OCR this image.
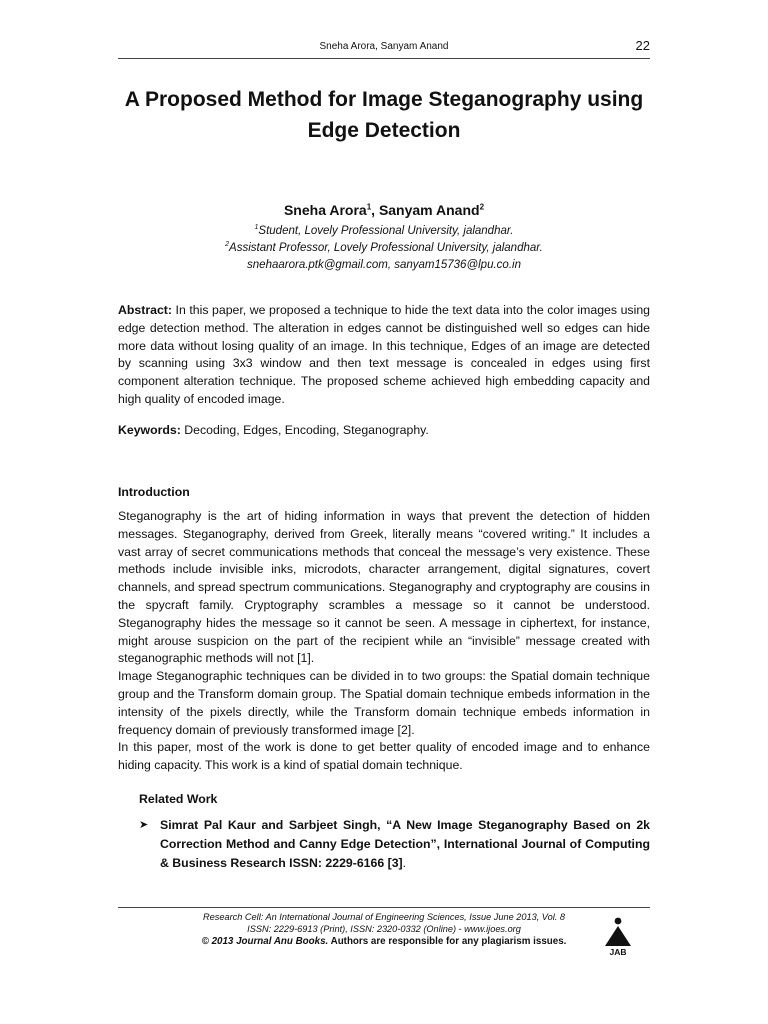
Sneha Arora, Sanyam Anand	22
A Proposed Method for Image Steganography using
Edge Detection
Sneha Arora$^1$, Sanyam Anand$^2$
$^1$Student, Lovely Professional University, jalandhar.
$^2$Assistant Professor, Lovely Professional University, jalandhar.
snehaarora.ptk@gmail.com, sanyam15736@lpu.co.in

Abstract: In this paper, we proposed a technique to hide the text data into the color images using edge detection method. The alteration in edges cannot be distinguished well so edges can hide more data without losing quality of an image. In this technique, Edges of an image are detected by scanning using 3x3 window and then text message is concealed in edges using first component alteration technique. The proposed scheme achieved high embedding capacity and high quality of encoded image.

Keywords: Decoding, Edges, Encoding, Steganography.

Introduction

Steganography is the art of hiding information in ways that prevent the detection of hidden messages. Steganography, derived from Greek, literally means “covered writing.” It includes a vast array of secret communications methods that conceal the message’s very existence. These methods include invisible inks, microdots, character arrangement, digital signatures, covert channels, and spread spectrum communications. Steganography and cryptography are cousins in the spycraft family. Cryptography scrambles a message so it cannot be understood. Steganography hides the message so it cannot be seen. A message in ciphertext, for instance, might arouse suspicion on the part of the recipient while an “invisible” message created with steganographic methods will not [1].

Image Steganographic techniques can be divided in to two groups: the Spatial domain technique group and the Transform domain group. The Spatial domain technique embeds information in the intensity of the pixels directly, while the Transform domain technique embeds information in frequency domain of previously transformed image [2].

In this paper, most of the work is done to get better quality of encoded image and to enhance hiding capacity. This work is a kind of spatial domain technique.

Related Work
➤ Simrat Pal Kaur and Sarbjeet Singh, “A New Image Steganography Based on 2k Correction Method and Canny Edge Detection”, International Journal of Computing & Business Research ISSN: 2229-6166 [3].
Research Cell: An International Journal of Engineering Sciences, Issue June 2013, Vol. 8
ISSN: 2229-6913 (Print), ISSN: 2320-0332 (Online) - www.ijoes.org
© 2013 Journal Anu Books. Authors are responsible for any plagiarism issues.
JAB
